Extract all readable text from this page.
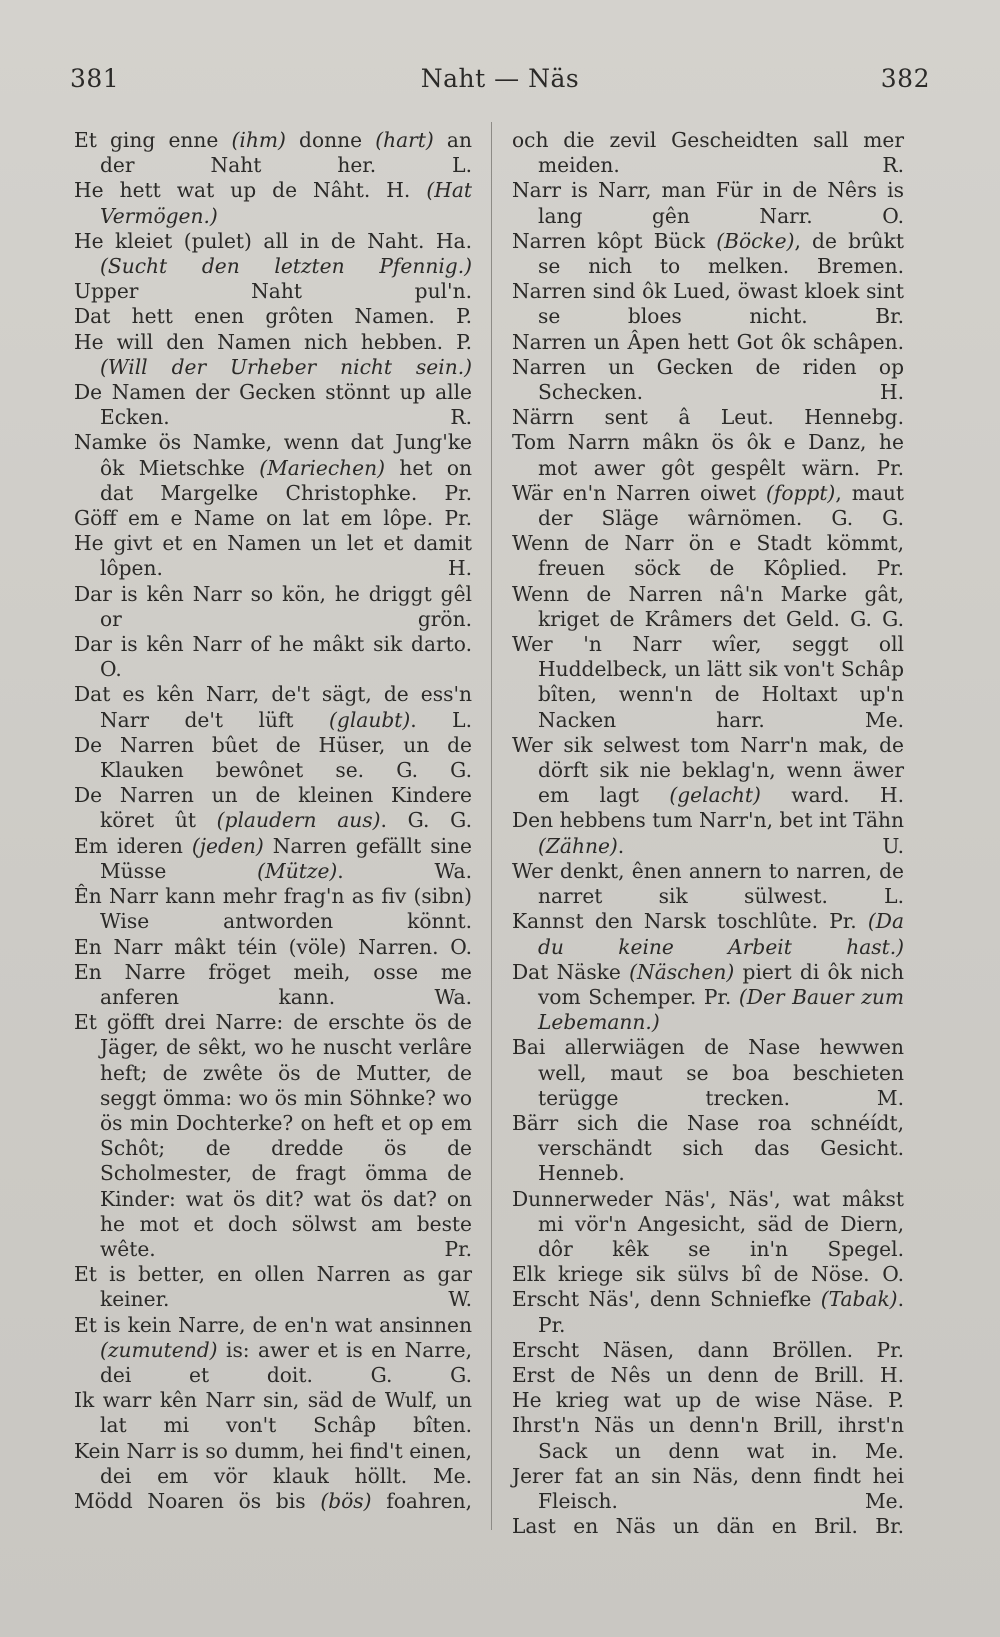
381	Naht — Näs	382
Et ging enne (ihm) donne (hart) an der Naht her. L.
He hett wat up de Nâht. H. (Hat Vermögen.)
He kleiet (pulet) all in de Naht. Ha. (Sucht den letzten Pfennig.)
Upper Naht pul'n.
Dat hett enen grôten Namen. P.
He will den Namen nich hebben. P. (Will der Urheber nicht sein.)
De Namen der Gecken stönnt up alle Ecken. R.
Namke ös Namke, wenn dat Jung'ke ôk Mietschke (Mariechen) het on dat Margelke Christophke. Pr.
Göff em e Name on lat em lôpe. Pr.
He givt et en Namen un let et damit lôpen. H.
Dar is kên Narr so kön, he driggt gêl or grön.
Dar is kên Narr of he mâkt sik darto. O.
Dat es kên Narr, de't sägt, de ess'n Narr de't lüft (glaubt). L.
De Narren bûet de Hüser, un de Klauken bewônet se. G. G.
De Narren un de kleinen Kindere köret ût (plaudern aus). G. G.
Em ideren (jeden) Narren gefällt sine Müsse (Mütze). Wa.
Ên Narr kann mehr frag'n as fiv (sibn) Wise antworden könnt.
En Narr mâkt téin (völe) Narren. O.
En Narre fröget meih, osse me anferen kann. Wa.
Et göfft drei Narre: de erschte ös de Jäger, de sêkt, wo he nuscht verlâre heft; de zwête ös de Mutter, de seggt ömma: wo ös min Söhnke? wo ös min Dochterke? on heft et op em Schôt; de dredde ös de Scholmester, de fragt ömma de Kinder: wat ös dit? wat ös dat? on he mot et doch sölwst am beste wête. Pr.
Et is better, en ollen Narren as gar keiner. W.
Et is kein Narre, de en'n wat ansinnen (zumutend) is: awer et is en Narre, dei et doit. G. G.
Ik warr kên Narr sin, säd de Wulf, un lat mi von't Schâp bîten.
Kein Narr is so dumm, hei find't einen, dei em vör klauk höllt. Me.
Mödd Noaren ös bis (bös) foahren,
och die zevil Gescheidten sall mer meiden. R.
Narr is Narr, man Für in de Nêrs is lang gên Narr. O.
Narren kôpt Bück (Böcke), de brûkt se nich to melken. Bremen.
Narren sind ôk Lued, öwast kloek sint se bloes nicht. Br.
Narren un Âpen hett Got ôk schâpen.
Narren un Gecken de riden op Schecken. H.
Närrn sent â Leut. Hennebg.
Tom Narrn mâkn ös ôk e Danz, he mot awer gôt gespêlt wärn. Pr.
Wär en'n Narren oiwet (foppt), maut der Släge wârnömen. G. G.
Wenn de Narr ön e Stadt kömmt, freuen söck de Kôplied. Pr.
Wenn de Narren nâ'n Marke gât, kriget de Krâmers det Geld. G. G.
Wer 'n Narr wîer, seggt oll Huddelbeck, un lätt sik von't Schâp bîten, wenn'n de Holtaxt up'n Nacken harr. Me.
Wer sik selwest tom Narr'n mak, de dörft sik nie beklag'n, wenn äwer em lagt (gelacht) ward. H.
Den hebbens tum Narr'n, bet int Tähn (Zähne). U.
Wer denkt, ênen annern to narren, de narret sik sülwest. L.
Kannst den Narsk toschlûte. Pr. (Da du keine Arbeit hast.)
Dat Näske (Näschen) piert di ôk nich vom Schemper. Pr. (Der Bauer zum Lebemann.)
Bai allerwiägen de Nase hewwen well, maut se boa beschieten terügge trecken. M.
Bärr sich die Nase roa schnéídt, verschändt sich das Gesicht. Henneb.
Dunnerweder Näs', Näs', wat mâkst mi vör'n Angesicht, säd de Diern, dôr kêk se in'n Spegel.
Elk kriege sik sülvs bî de Nöse. O.
Erscht Näs', denn Schniefke (Tabak). Pr.
Erscht Näsen, dann Bröllen. Pr.
Erst de Nês un denn de Brill. H.
He krieg wat up de wise Näse. P.
Ihrst'n Näs un denn'n Brill, ihrst'n Sack un denn wat in. Me.
Jerer fat an sin Näs, denn findt hei Fleisch. Me.
Last en Näs un dän en Bril. Br.
